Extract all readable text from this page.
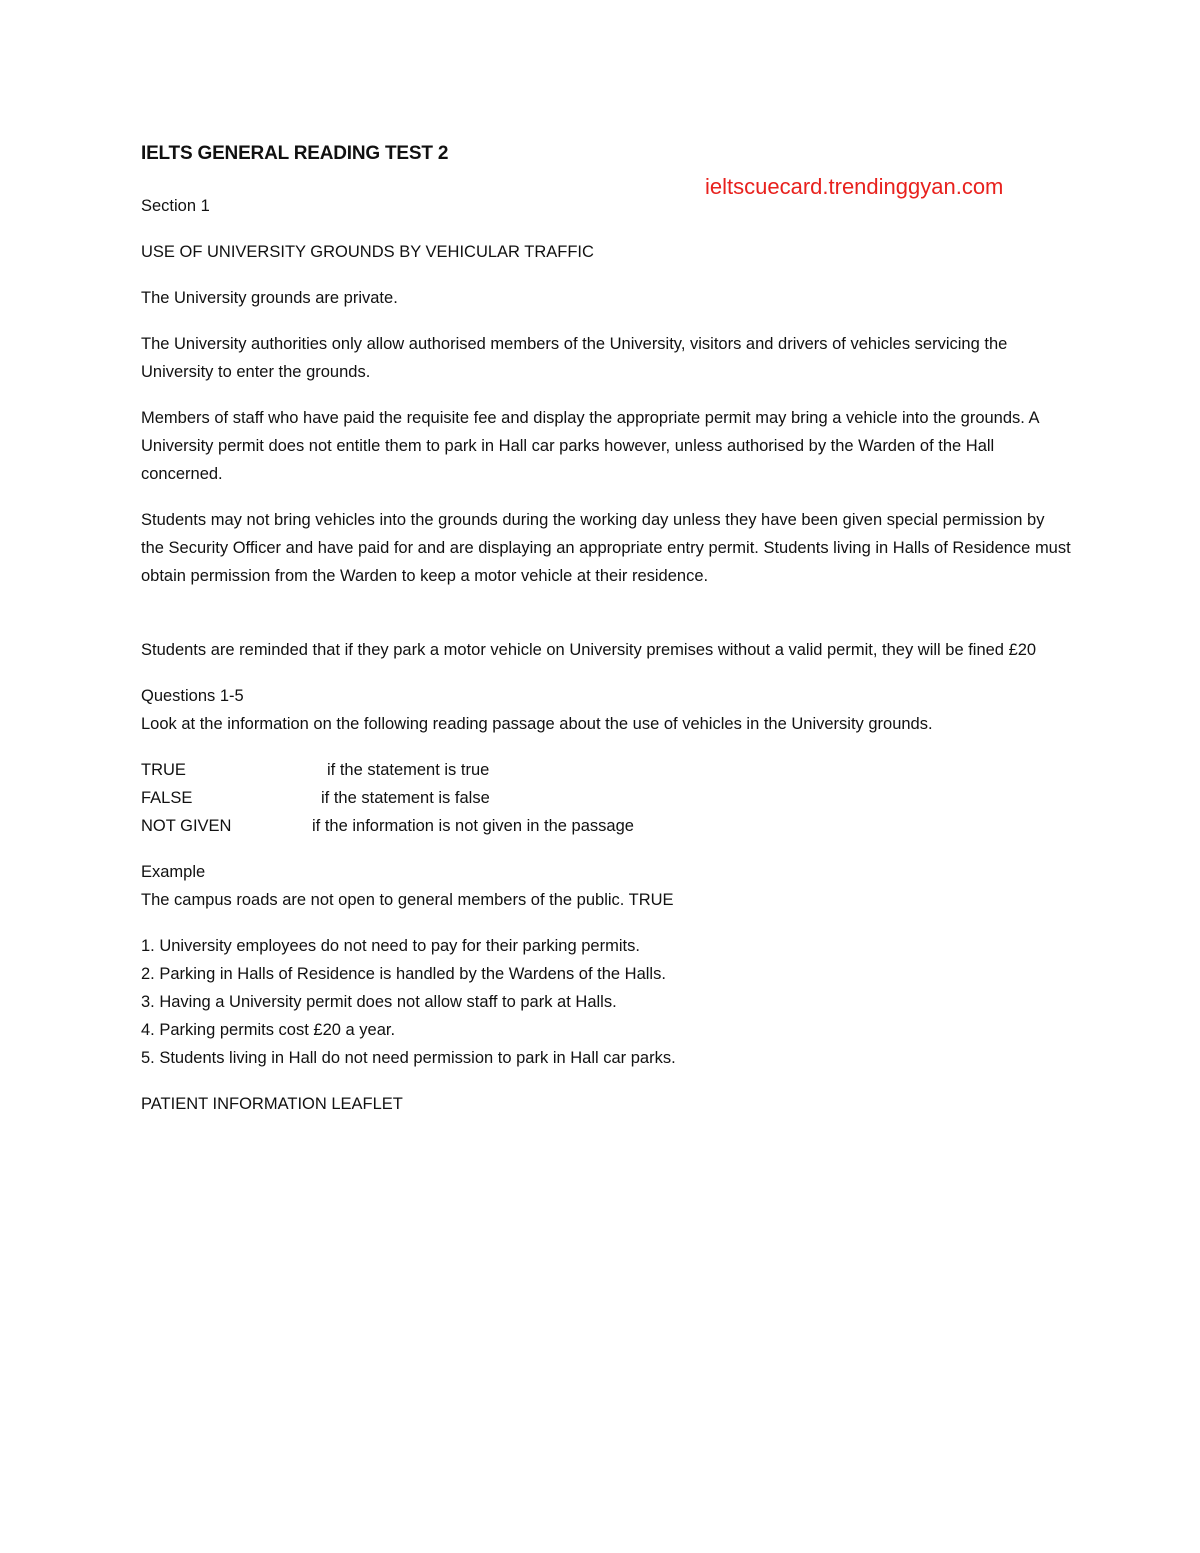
ieltscuecard.trendinggyan.com
IELTS GENERAL READING TEST 2

Section 1

USE OF UNIVERSITY GROUNDS BY VEHICULAR TRAFFIC

The University grounds are private.

The University authorities only allow authorised members of the University, visitors and drivers of vehicles servicing the University to enter the grounds.

Members of staff who have paid the requisite fee and display the appropriate permit may bring a vehicle into the grounds. A University permit does not entitle them to park in Hall car parks however, unless authorised by the Warden of the Hall concerned.

Students may not bring vehicles into the grounds during the working day unless they have been given special permission by the Security Officer and have paid for and are displaying an appropriate entry permit. Students living in Halls of Residence must obtain permission from the Warden to keep a motor vehicle at their residence.

Students are reminded that if they park a motor vehicle on University premises without a valid permit, they will be fined £20

Questions 1-5
Look at the information on the following reading passage about the use of vehicles in the University grounds.
TRUE	if the statement is true
FALSE	if the statement is false
NOT GIVEN	if the information is not given in the passage
Example
The campus roads are not open to general members of the public. TRUE
1. University employees do not need to pay for their parking permits.
2. Parking in Halls of Residence is handled by the Wardens of the Halls.
3. Having a University permit does not allow staff to park at Halls.
4. Parking permits cost £20 a year.
5. Students living in Hall do not need permission to park in Hall car parks.

PATIENT INFORMATION LEAFLET
